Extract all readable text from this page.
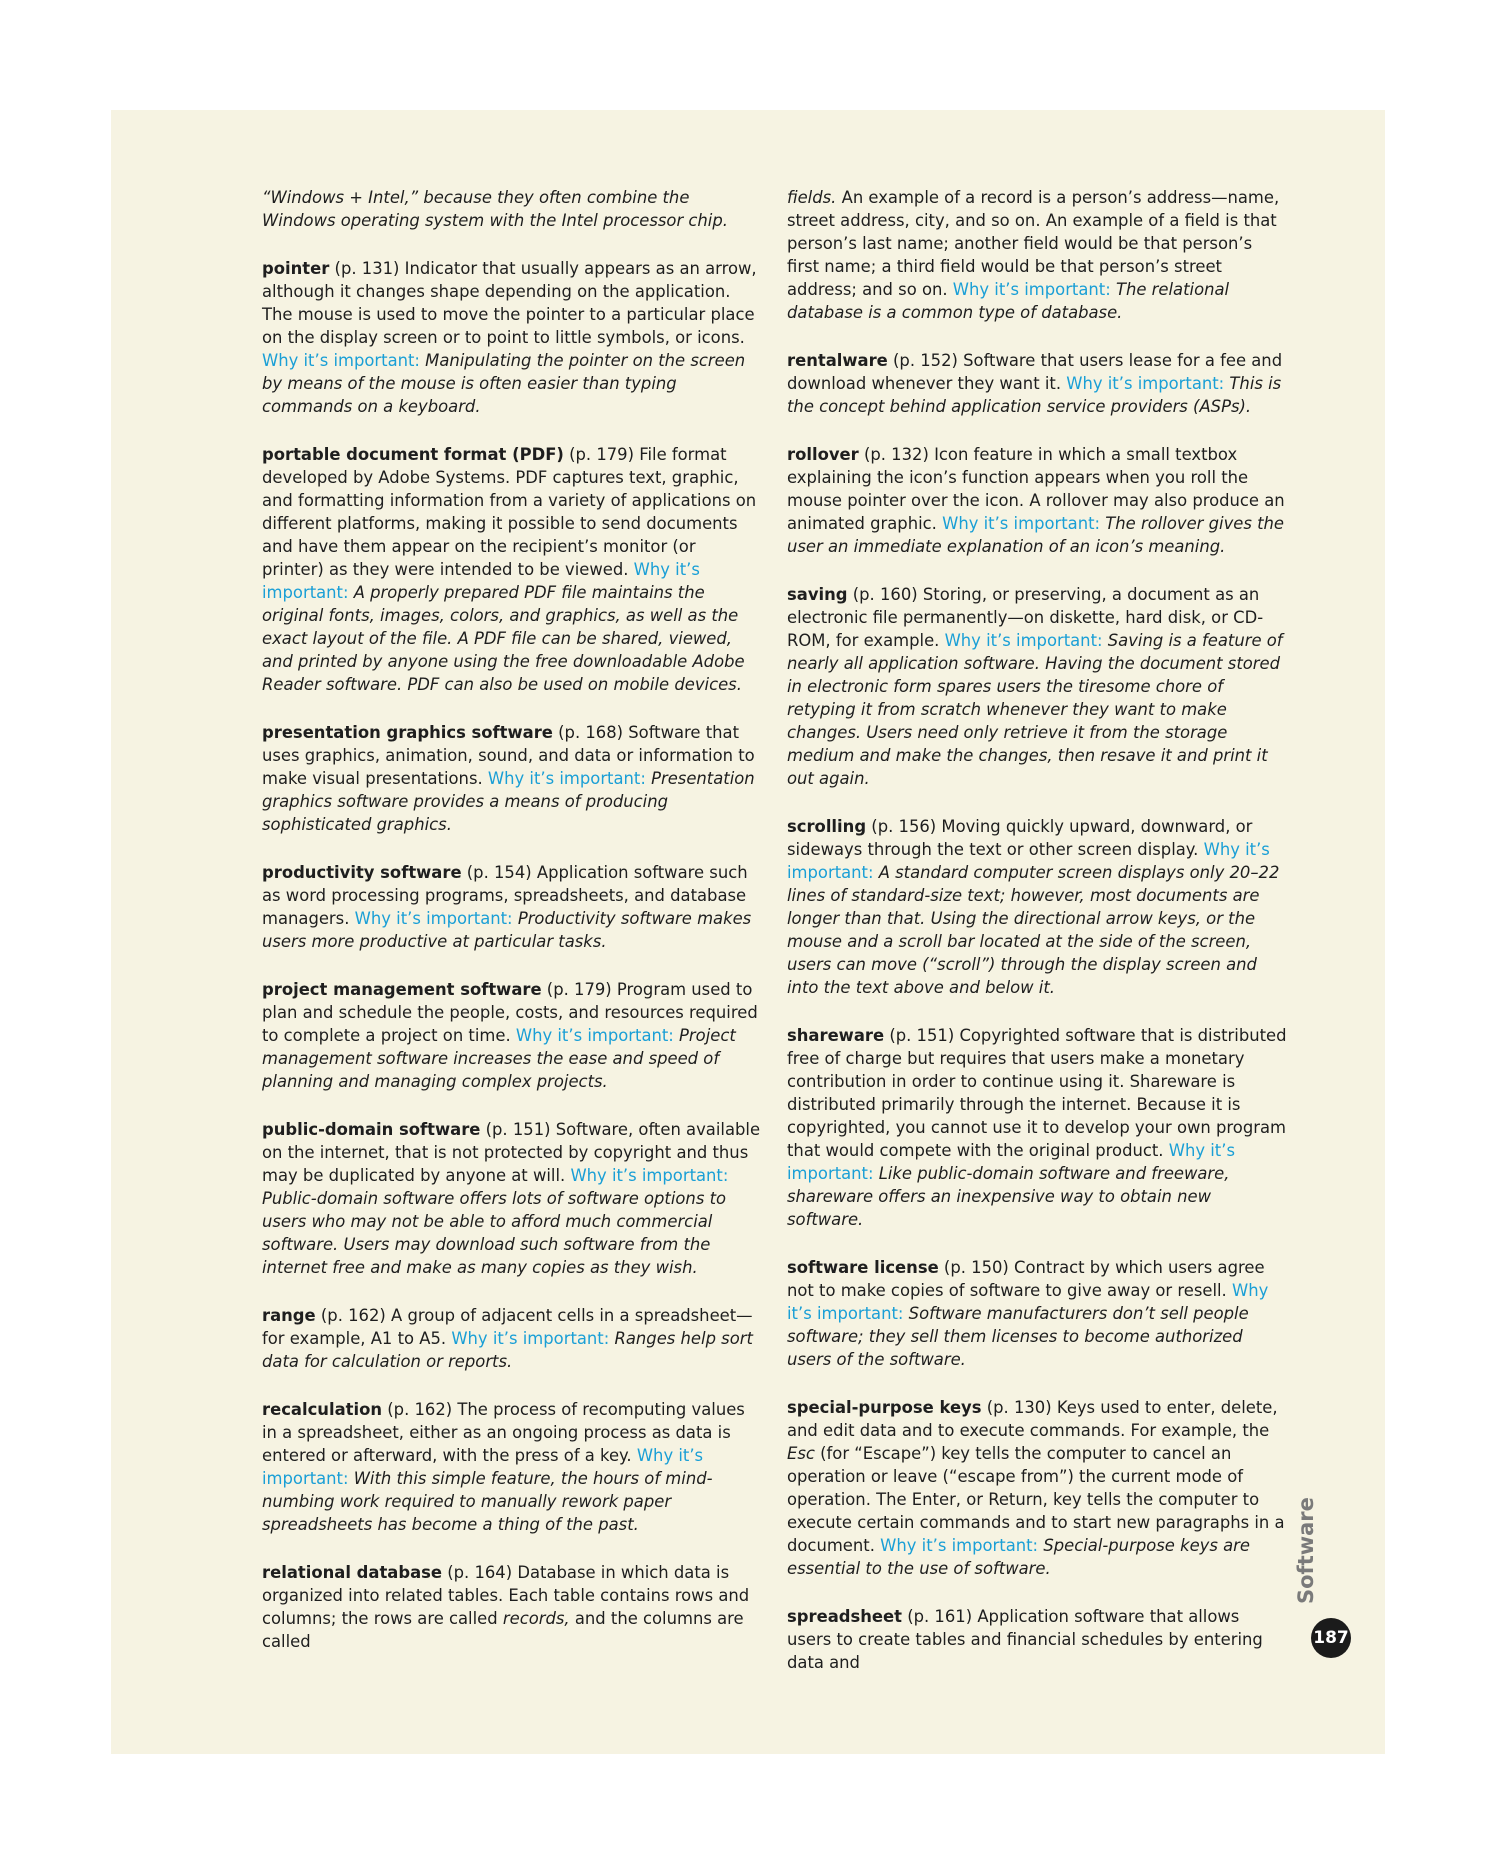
“Windows + Intel,” because they often combine the Windows operating system with the Intel processor chip.

pointer (p. 131) Indicator that usually appears as an arrow, although it changes shape depending on the application. The mouse is used to move the pointer to a particular place on the display screen or to point to little symbols, or icons. Why it’s important: Manipulating the pointer on the screen by means of the mouse is often easier than typing commands on a keyboard.

portable document format (PDF) (p. 179) File format developed by Adobe Systems. PDF captures text, graphic, and formatting information from a variety of applications on different platforms, making it possible to send documents and have them appear on the recipient’s monitor (or printer) as they were intended to be viewed. Why it’s important: A properly prepared PDF file maintains the original fonts, images, colors, and graphics, as well as the exact layout of the file. A PDF file can be shared, viewed, and printed by anyone using the free downloadable Adobe Reader software. PDF can also be used on mobile devices.

presentation graphics software (p. 168) Software that uses graphics, animation, sound, and data or information to make visual presentations. Why it’s important: Presentation graphics software provides a means of producing sophisticated graphics.

productivity software (p. 154) Application software such as word processing programs, spreadsheets, and database managers. Why it’s important: Productivity software makes users more productive at particular tasks.

project management software (p. 179) Program used to plan and schedule the people, costs, and resources required to complete a project on time. Why it’s important: Project management software increases the ease and speed of planning and managing complex projects.

public-domain software (p. 151) Software, often available on the internet, that is not protected by copyright and thus may be duplicated by anyone at will. Why it’s important: Public-domain software offers lots of software options to users who may not be able to afford much commercial software. Users may download such software from the internet free and make as many copies as they wish.

range (p. 162) A group of adjacent cells in a spreadsheet—for example, A1 to A5. Why it’s important: Ranges help sort data for calculation or reports.

recalculation (p. 162) The process of recomputing values in a spreadsheet, either as an ongoing process as data is entered or afterward, with the press of a key. Why it’s important: With this simple feature, the hours of mind-numbing work required to manually rework paper spreadsheets has become a thing of the past.

relational database (p. 164) Database in which data is organized into related tables. Each table contains rows and columns; the rows are called records, and the columns are called

fields. An example of a record is a person’s address—name, street address, city, and so on. An example of a field is that person’s last name; another field would be that person’s first name; a third field would be that person’s street address; and so on. Why it’s important: The relational database is a common type of database.

rentalware (p. 152) Software that users lease for a fee and download whenever they want it. Why it’s important: This is the concept behind application service providers (ASPs).

rollover (p. 132) Icon feature in which a small textbox explaining the icon’s function appears when you roll the mouse pointer over the icon. A rollover may also produce an animated graphic. Why it’s important: The rollover gives the user an immediate explanation of an icon’s meaning.

saving (p. 160) Storing, or preserving, a document as an electronic file permanently—on diskette, hard disk, or CD-ROM, for example. Why it’s important: Saving is a feature of nearly all application software. Having the document stored in electronic form spares users the tiresome chore of retyping it from scratch whenever they want to make changes. Users need only retrieve it from the storage medium and make the changes, then resave it and print it out again.

scrolling (p. 156) Moving quickly upward, downward, or sideways through the text or other screen display. Why it’s important: A standard computer screen displays only 20–22 lines of standard-size text; however, most documents are longer than that. Using the directional arrow keys, or the mouse and a scroll bar located at the side of the screen, users can move (“scroll”) through the display screen and into the text above and below it.

shareware (p. 151) Copyrighted software that is distributed free of charge but requires that users make a monetary contribution in order to continue using it. Shareware is distributed primarily through the internet. Because it is copyrighted, you cannot use it to develop your own program that would compete with the original product. Why it’s important: Like public-domain software and freeware, shareware offers an inexpensive way to obtain new software.

software license (p. 150) Contract by which users agree not to make copies of software to give away or resell. Why it’s important: Software manufacturers don’t sell people software; they sell them licenses to become authorized users of the software.

special-purpose keys (p. 130) Keys used to enter, delete, and edit data and to execute commands. For example, the Esc (for “Escape”) key tells the computer to cancel an operation or leave (“escape from”) the current mode of operation. The Enter, or Return, key tells the computer to execute certain commands and to start new paragraphs in a document. Why it’s important: Special-purpose keys are essential to the use of software.

spreadsheet (p. 161) Application software that allows users to create tables and financial schedules by entering data and

Software
187
